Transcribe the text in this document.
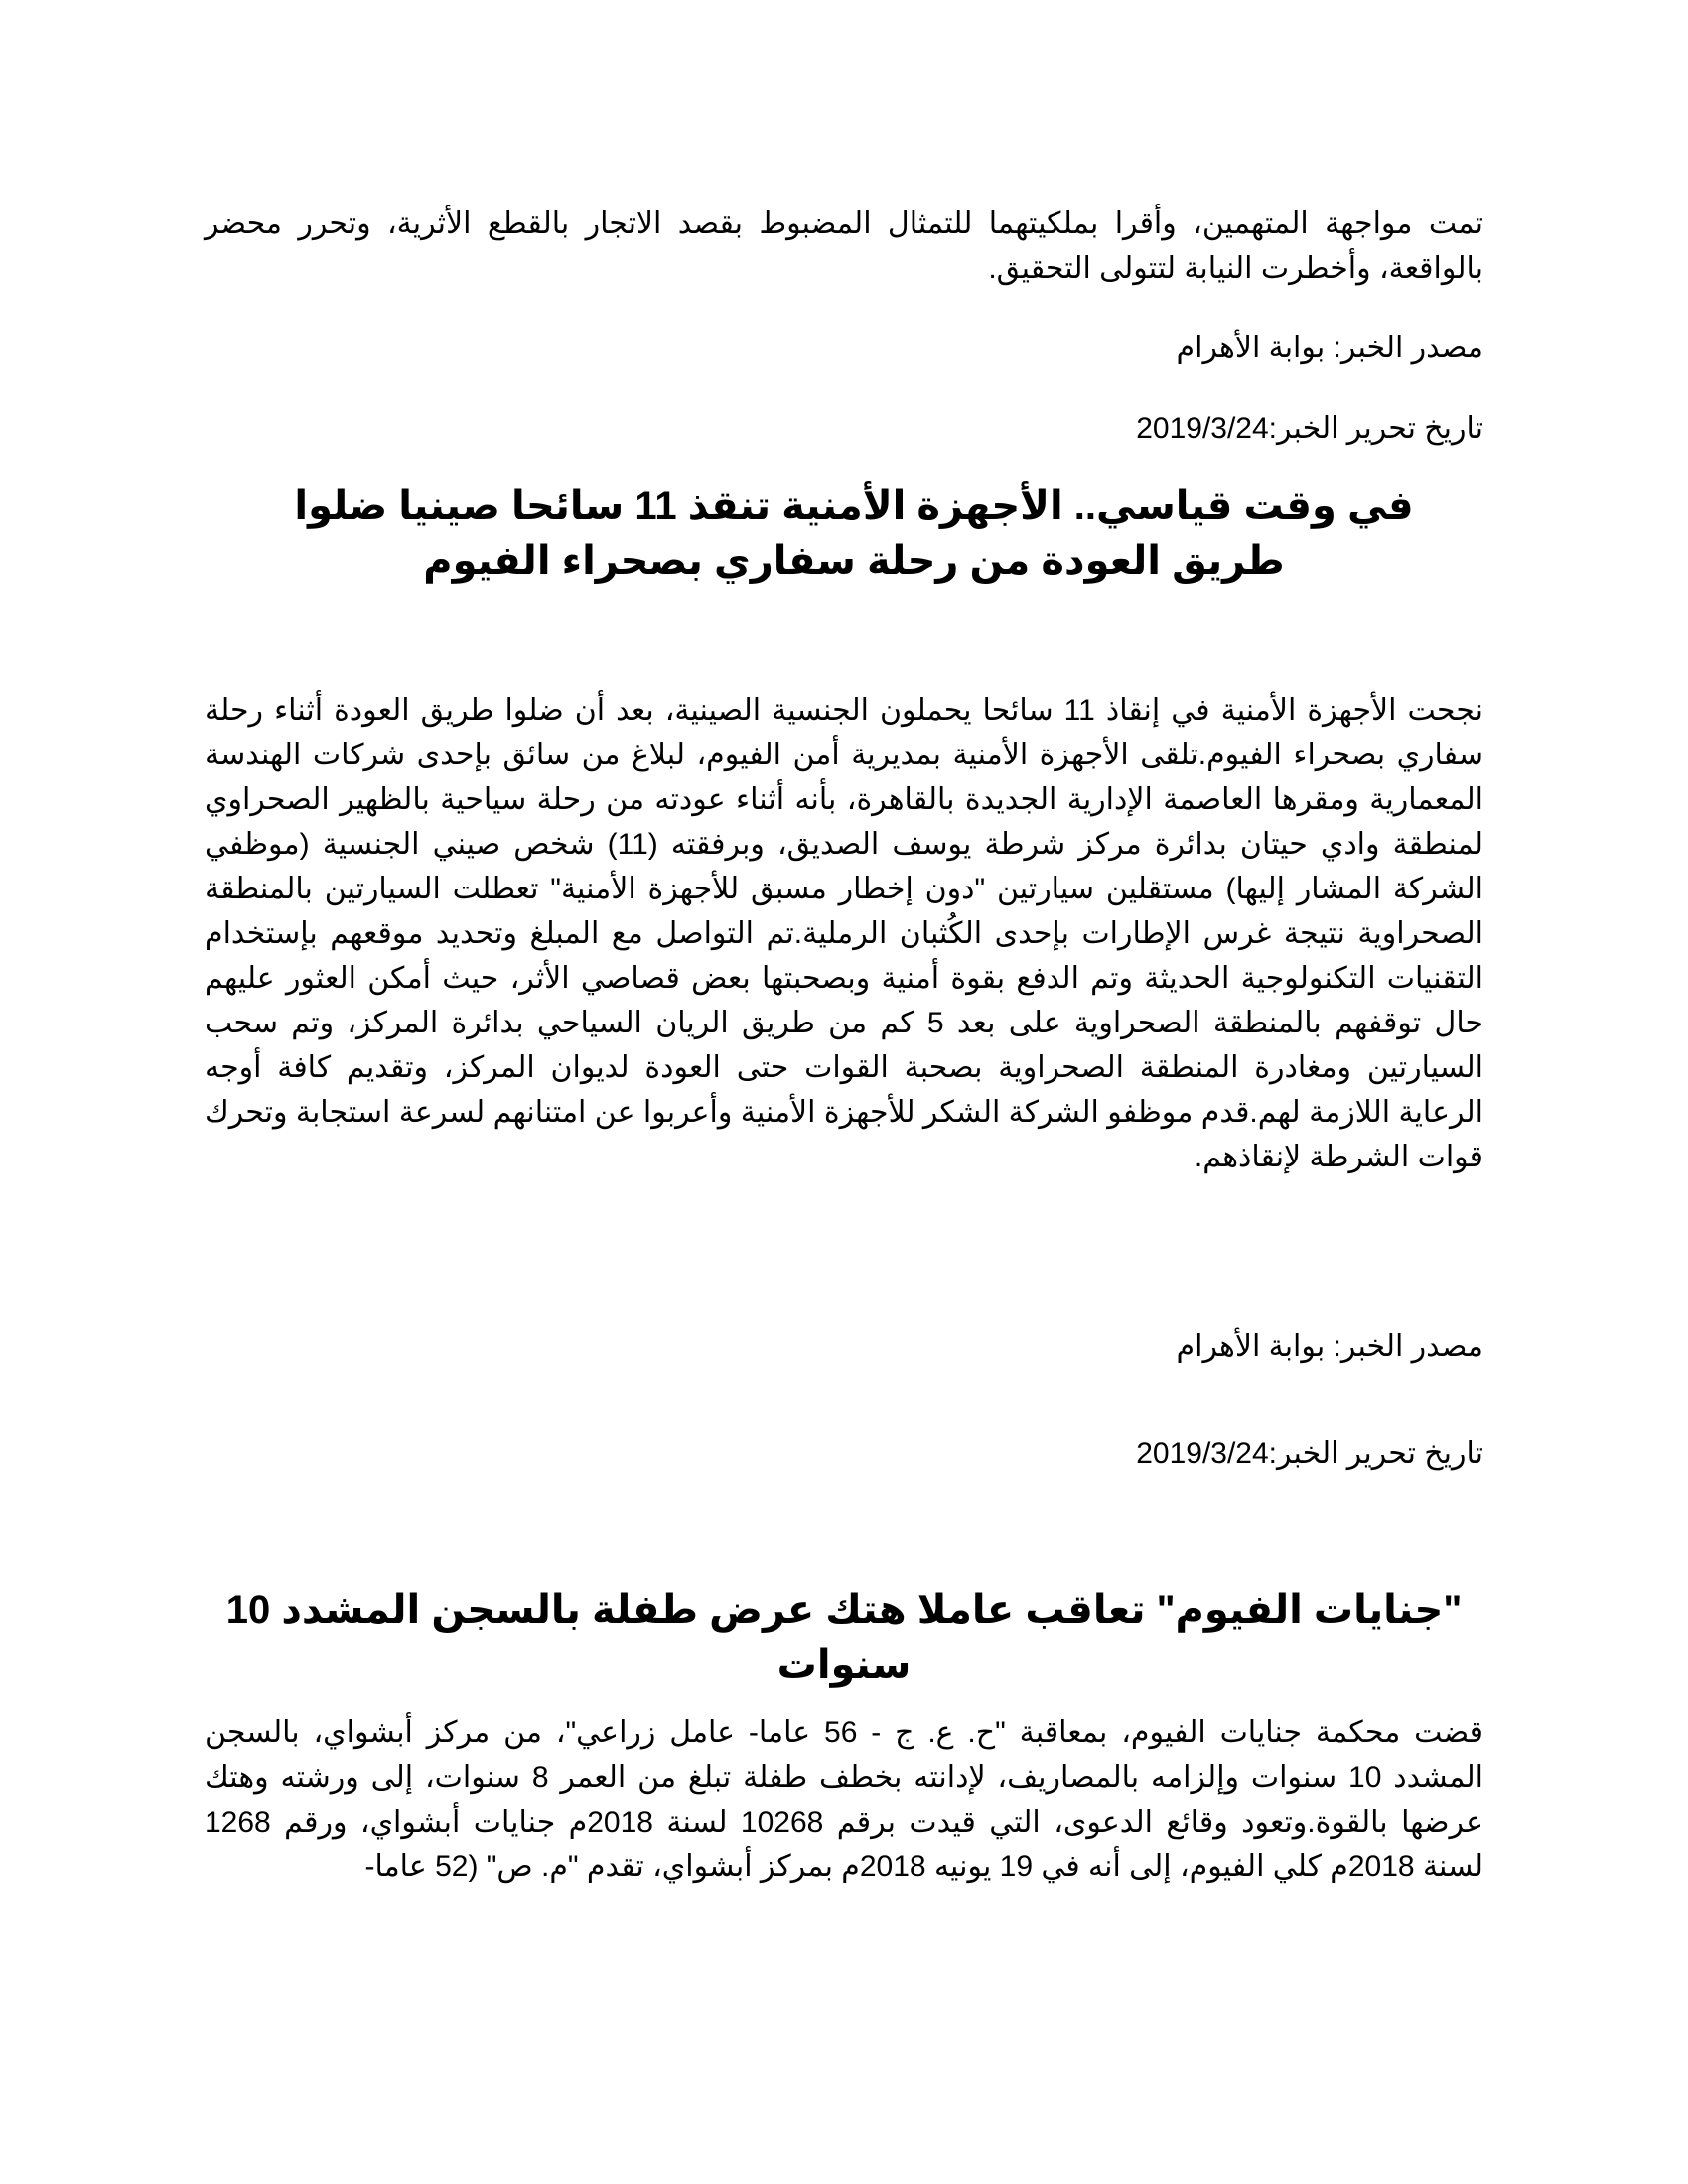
تمت مواجهة المتهمين، وأقرا بملكيتهما للتمثال المضبوط بقصد الاتجار بالقطع الأثرية، وتحرر محضر بالواقعة، وأخطرت النيابة لتتولى التحقيق.

مصدر الخبر: بوابة الأهرام

تاريخ تحرير الخبر:2019/3/24

في وقت قياسي.. الأجهزة الأمنية تنقذ 11 سائحا صينيا ضلوا طريق العودة من رحلة سفاري بصحراء الفيوم

نجحت الأجهزة الأمنية في إنقاذ 11 سائحا يحملون الجنسية الصينية، بعد أن ضلوا طريق العودة أثناء رحلة سفاري بصحراء الفيوم.تلقى الأجهزة الأمنية بمديرية أمن الفيوم، لبلاغ من سائق بإحدى شركات الهندسة المعمارية ومقرها العاصمة الإدارية الجديدة بالقاهرة، بأنه أثناء عودته من رحلة سياحية بالظهير الصحراوي لمنطقة وادي حيتان بدائرة مركز شرطة يوسف الصديق، وبرفقته (11) شخص صيني الجنسية (موظفي الشركة المشار إليها) مستقلين سيارتين "دون إخطار مسبق للأجهزة الأمنية" تعطلت السيارتين بالمنطقة الصحراوية نتيجة غرس الإطارات بإحدى الكُثبان الرملية.تم التواصل مع المبلغ وتحديد موقعهم بإستخدام التقنيات التكنولوجية الحديثة وتم الدفع بقوة أمنية وبصحبتها بعض قصاصي الأثر، حيث أمكن العثور عليهم حال توقفهم بالمنطقة الصحراوية على بعد 5 كم من طريق الريان السياحي بدائرة المركز، وتم سحب السيارتين ومغادرة المنطقة الصحراوية بصحبة القوات حتى العودة لديوان المركز، وتقديم كافة أوجه الرعاية اللازمة لهم.قدم موظفو الشركة الشكر للأجهزة الأمنية وأعربوا عن امتنانهم لسرعة استجابة وتحرك قوات الشرطة لإنقاذهم.

مصدر الخبر: بوابة الأهرام

تاريخ تحرير الخبر:2019/3/24

"جنايات الفيوم" تعاقب عاملا هتك عرض طفلة بالسجن المشدد 10 سنوات

قضت محكمة جنايات الفيوم، بمعاقبة "ح. ع. ج - 56 عاما- عامل زراعي"، من مركز أبشواي، بالسجن المشدد 10 سنوات وإلزامه بالمصاريف، لإدانته بخطف طفلة تبلغ من العمر 8 سنوات، إلى ورشته وهتك عرضها بالقوة.وتعود وقائع الدعوى، التي قيدت برقم 10268 لسنة 2018م جنايات أبشواي، ورقم 1268 لسنة 2018م كلي الفيوم، إلى أنه في 19 يونيه 2018م بمركز أبشواي، تقدم "م. ص" (52 عاما-
